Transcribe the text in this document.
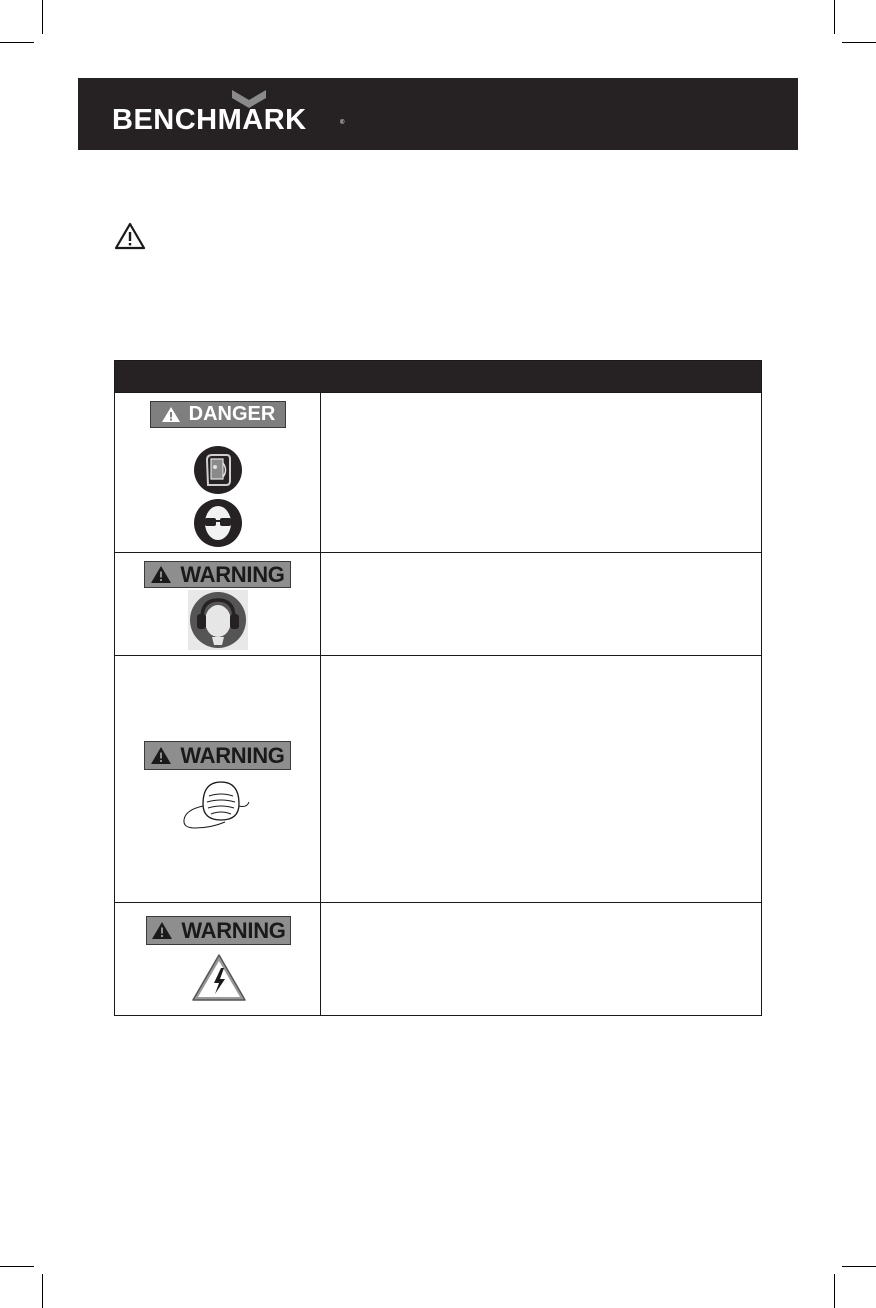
BENCHMARK	®
DANGER
WARNING
WARNING
WARNING
